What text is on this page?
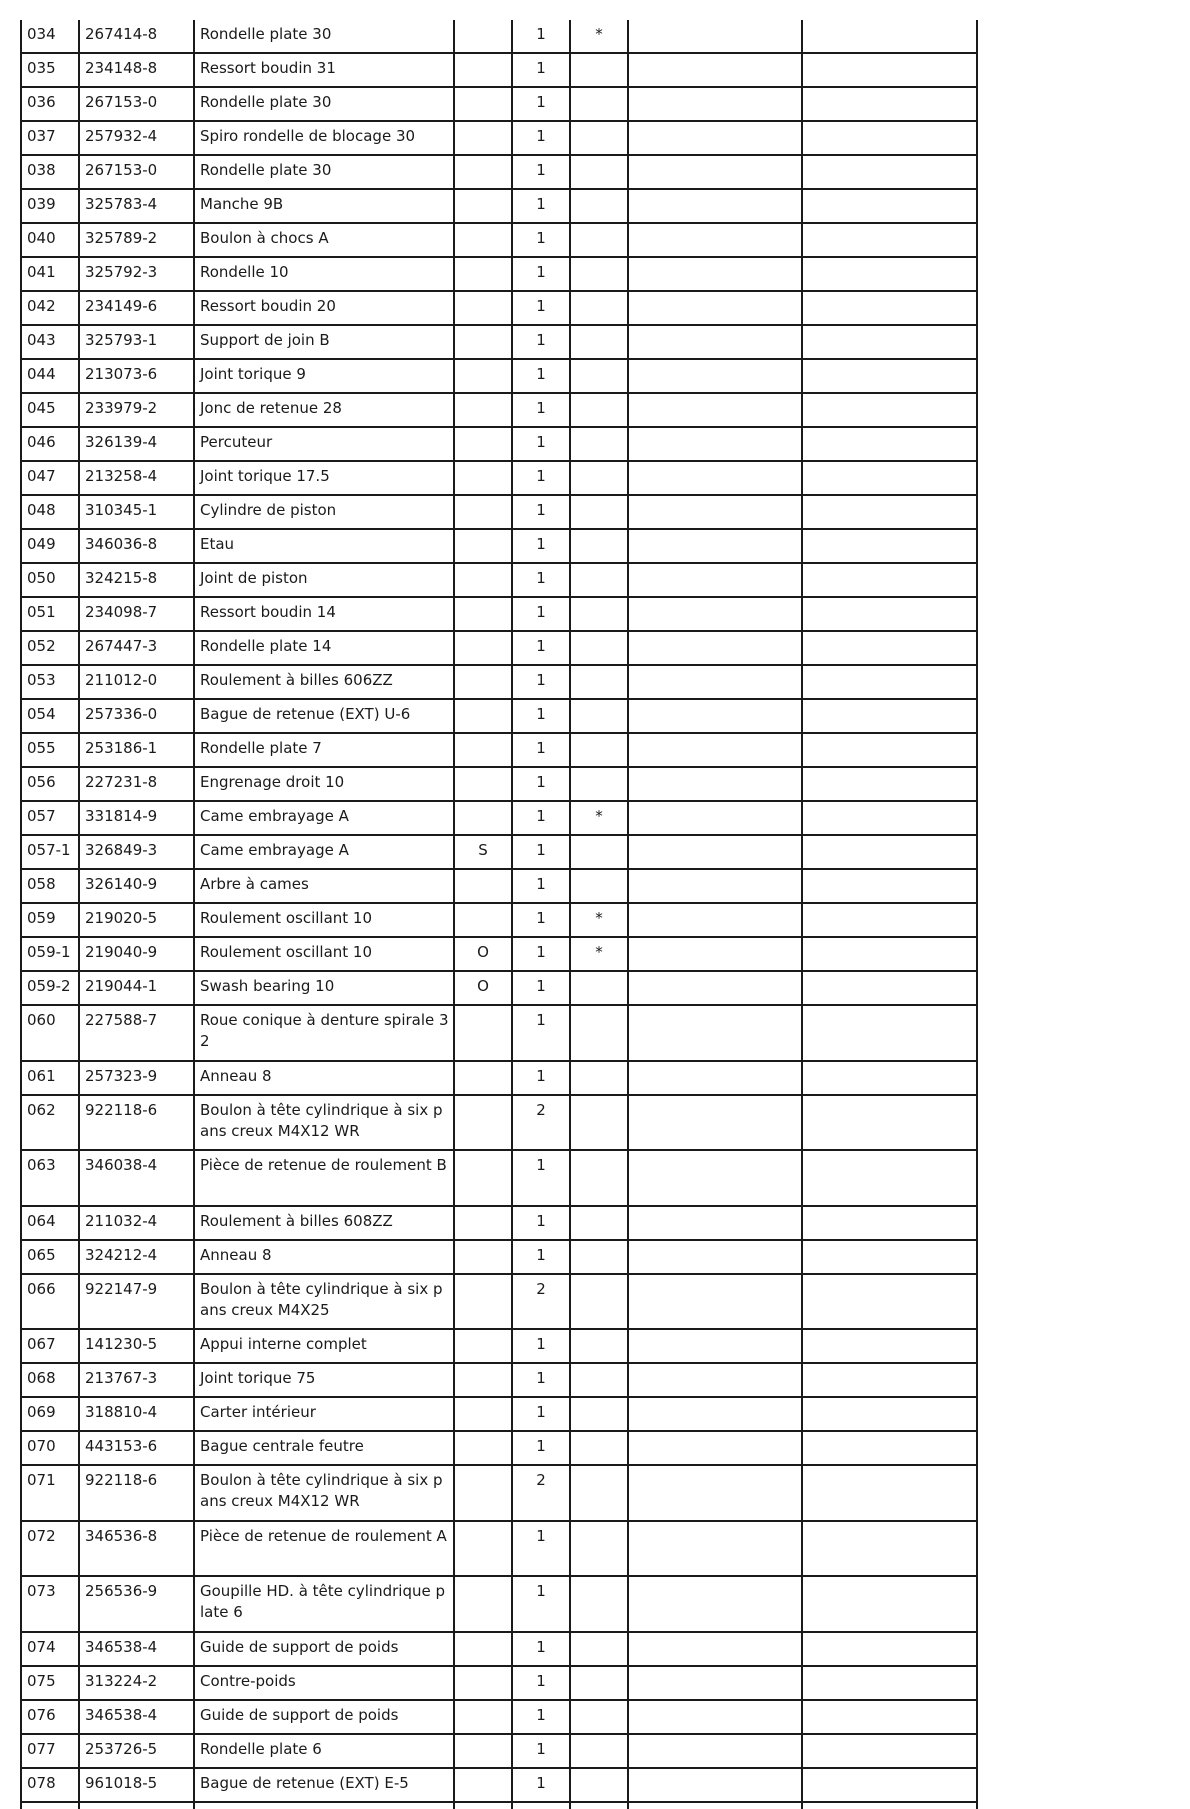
034	267414-8	Rondelle plate 30		1	*		
035	234148-8	Ressort boudin 31		1			
036	267153-0	Rondelle plate 30		1			
037	257932-4	Spiro rondelle de blocage 30		1			
038	267153-0	Rondelle plate 30		1			
039	325783-4	Manche 9B		1			
040	325789-2	Boulon à chocs A		1			
041	325792-3	Rondelle 10		1			
042	234149-6	Ressort boudin 20		1			
043	325793-1	Support de join B		1			
044	213073-6	Joint torique 9		1			
045	233979-2	Jonc de retenue 28		1			
046	326139-4	Percuteur		1			
047	213258-4	Joint torique 17.5		1			
048	310345-1	Cylindre de piston		1			
049	346036-8	Etau		1			
050	324215-8	Joint de piston		1			
051	234098-7	Ressort boudin 14		1			
052	267447-3	Rondelle plate 14		1			
053	211012-0	Roulement à billes 606ZZ		1			
054	257336-0	Bague de retenue (EXT) U-6		1			
055	253186-1	Rondelle plate 7		1			
056	227231-8	Engrenage droit 10		1			
057	331814-9	Came embrayage A		1	*		
057-1	326849-3	Came embrayage A	S	1			
058	326140-9	Arbre à cames		1			
059	219020-5	Roulement oscillant 10		1	*		
059-1	219040-9	Roulement oscillant 10	O	1	*		
059-2	219044-1	Swash bearing 10	O	1			
060	227588-7	Roue conique à denture spirale 32		1			
061	257323-9	Anneau 8		1			
062	922118-6	Boulon à tête cylindrique à six pans creux M4X12 WR		2			
063	346038-4	Pièce de retenue de roulement B		1			
064	211032-4	Roulement à billes 608ZZ		1			
065	324212-4	Anneau 8		1			
066	922147-9	Boulon à tête cylindrique à six pans creux M4X25		2			
067	141230-5	Appui interne complet		1			
068	213767-3	Joint torique 75		1			
069	318810-4	Carter intérieur		1			
070	443153-6	Bague centrale feutre		1			
071	922118-6	Boulon à tête cylindrique à six pans creux M4X12 WR		2			
072	346536-8	Pièce de retenue de roulement A		1			
073	256536-9	Goupille HD. à tête cylindrique plate 6		1			
074	346538-4	Guide de support de poids		1			
075	313224-2	Contre-poids		1			
076	346538-4	Guide de support de poids		1			
077	253726-5	Rondelle plate 6		1			
078	961018-5	Bague de retenue (EXT) E-5		1			
